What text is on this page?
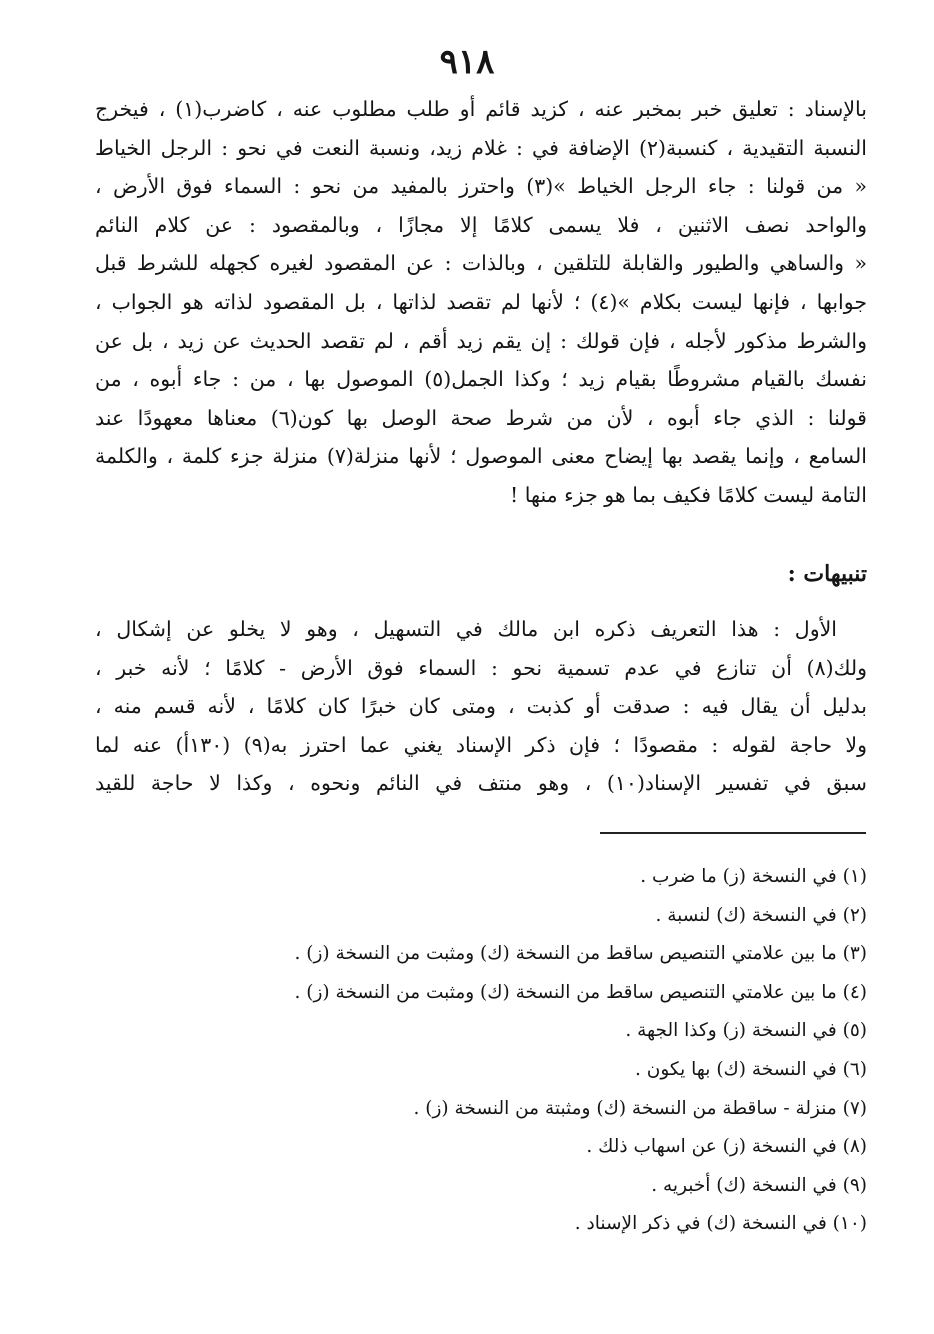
٩١٨
بالإسناد : تعليق خبر بمخبر عنه ، كزيد قائم أو طلب مطلوب عنه ، كاضرب(١) ، فيخرج
النسبة التقيدية ، كنسبة(٢) الإضافة في : غلام زيد، ونسبة النعت في نحو : الرجل الخياط
« من قولنا : جاء الرجل الخياط »(٣) واحترز بالمفيد من نحو : السماء فوق الأرض ،
والواحد نصف الاثنين ، فلا يسمى كلامًا إلا مجازًا ، وبالمقصود : عن كلام النائم
« والساهي والطيور والقابلة للتلقين ، وبالذات : عن المقصود لغيره كجهله للشرط قبل
جوابها ، فإنها ليست بكلام »(٤) ؛ لأنها لم تقصد لذاتها ، بل المقصود لذاته هو الجواب ،
والشرط مذكور لأجله ، فإن قولك : إن يقم زيد أقم ، لم تقصد الحديث عن زيد ، بل عن
نفسك بالقيام مشروطًا بقيام زيد ؛ وكذا الجمل(٥) الموصول بها ، من : جاء أبوه ، من
قولنا : الذي جاء أبوه ، لأن من شرط صحة الوصل بها كون(٦) معناها معهودًا عند
السامع ، وإنما يقصد بها إيضاح معنى الموصول ؛ لأنها منزلة(٧) منزلة جزء كلمة ، والكلمة
التامة ليست كلامًا فكيف بما هو جزء منها !
تنبيهات :
الأول : هذا التعريف ذكره ابن مالك في التسهيل ، وهو لا يخلو عن إشكال ،
ولك(٨) أن تنازع في عدم تسمية نحو : السماء فوق الأرض - كلامًا ؛ لأنه خبر ،
بدليل أن يقال فيه : صدقت أو كذبت ، ومتى كان خبرًا كان كلامًا ، لأنه قسم منه ،
ولا حاجة لقوله : مقصودًا ؛ فإن ذكر الإسناد يغني عما احترز به(٩) (١٣٠أ) عنه لما
سبق في تفسير الإسناد(١٠) ، وهو منتف في النائم ونحوه ، وكذا لا حاجة للقيد
(١) في النسخة (ز) ما ضرب .
(٢) في النسخة (ك) لنسبة .
(٣) ما بين علامتي التنصيص ساقط من النسخة (ك) ومثبت من النسخة (ز) .
(٤) ما بين علامتي التنصيص ساقط من النسخة (ك) ومثبت من النسخة (ز) .
(٥) في النسخة (ز) وكذا الجهة .
(٦) في النسخة (ك) بها يكون .
(٧) منزلة - ساقطة من النسخة (ك) ومثبتة من النسخة (ز) .
(٨) في النسخة (ز) عن اسهاب ذلك .
(٩) في النسخة (ك) أخبريه .
(١٠) في النسخة (ك) في ذكر الإسناد .
